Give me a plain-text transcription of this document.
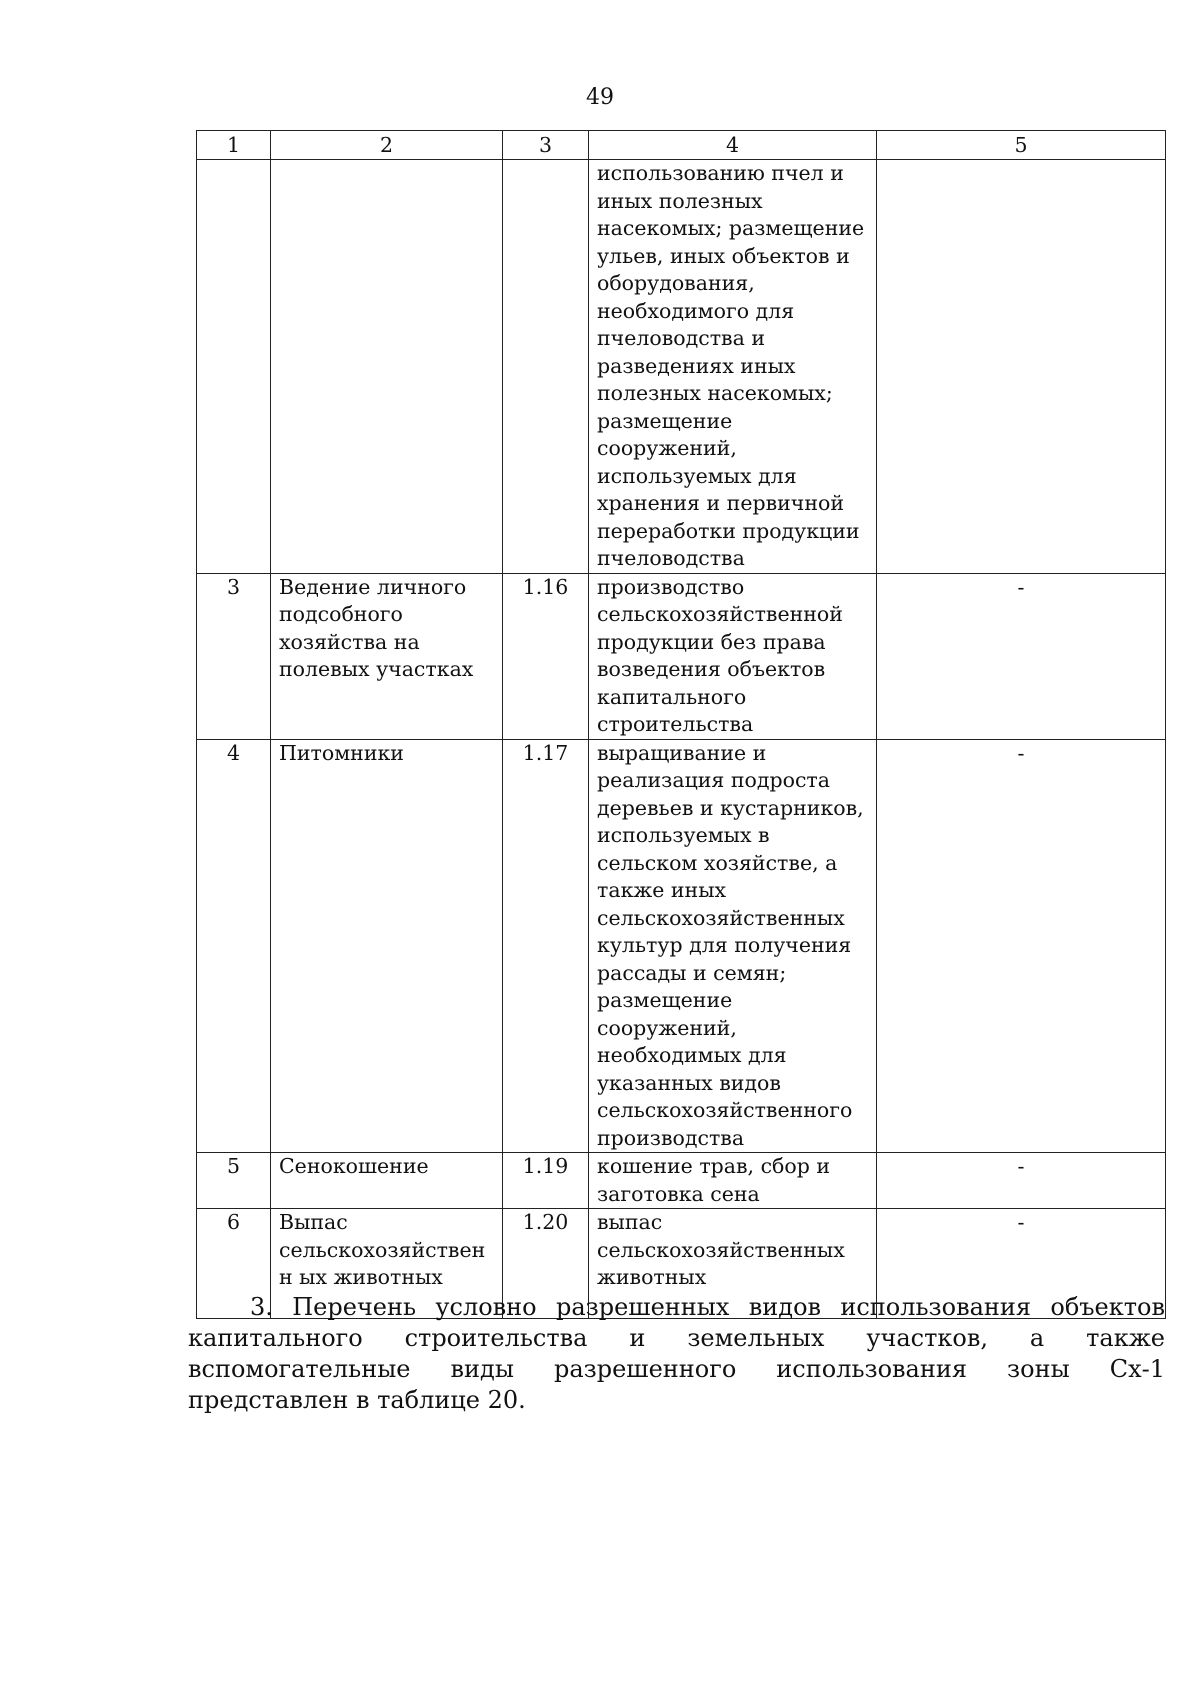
49
1	2	3	4	5
			использованию пчел и иных полезных насекомых; размещение ульев, иных объектов и оборудования, необходимого для пчеловодства и разведениях иных полезных насекомых; размещение сооружений, используемых для хранения и первичной переработки продукции пчеловодства	
3	Ведение личного подсобного хозяйства на полевых участках	1.16	производство сельскохозяйственной продукции без права возведения объектов капитального строительства	-
4	Питомники	1.17	выращивание и реализация подроста деревьев и кустарников, используемых в сельском хозяйстве, а также иных сельскохозяйственных культур для получения рассады и семян; размещение сооружений, необходимых для указанных видов сельскохозяйственного производства	-
5	Сенокошение	1.19	кошение трав, сбор и заготовка сена	-
6	Выпас сельскохозяйственн ых животных	1.20	выпас сельскохозяйственных животных	-

3. Перечень условно разрешенных видов использования объектов капитального строительства и земельных участков, а также вспомогательные виды разрешенного использования зоны Сх-1 представлен в таблице 20.
